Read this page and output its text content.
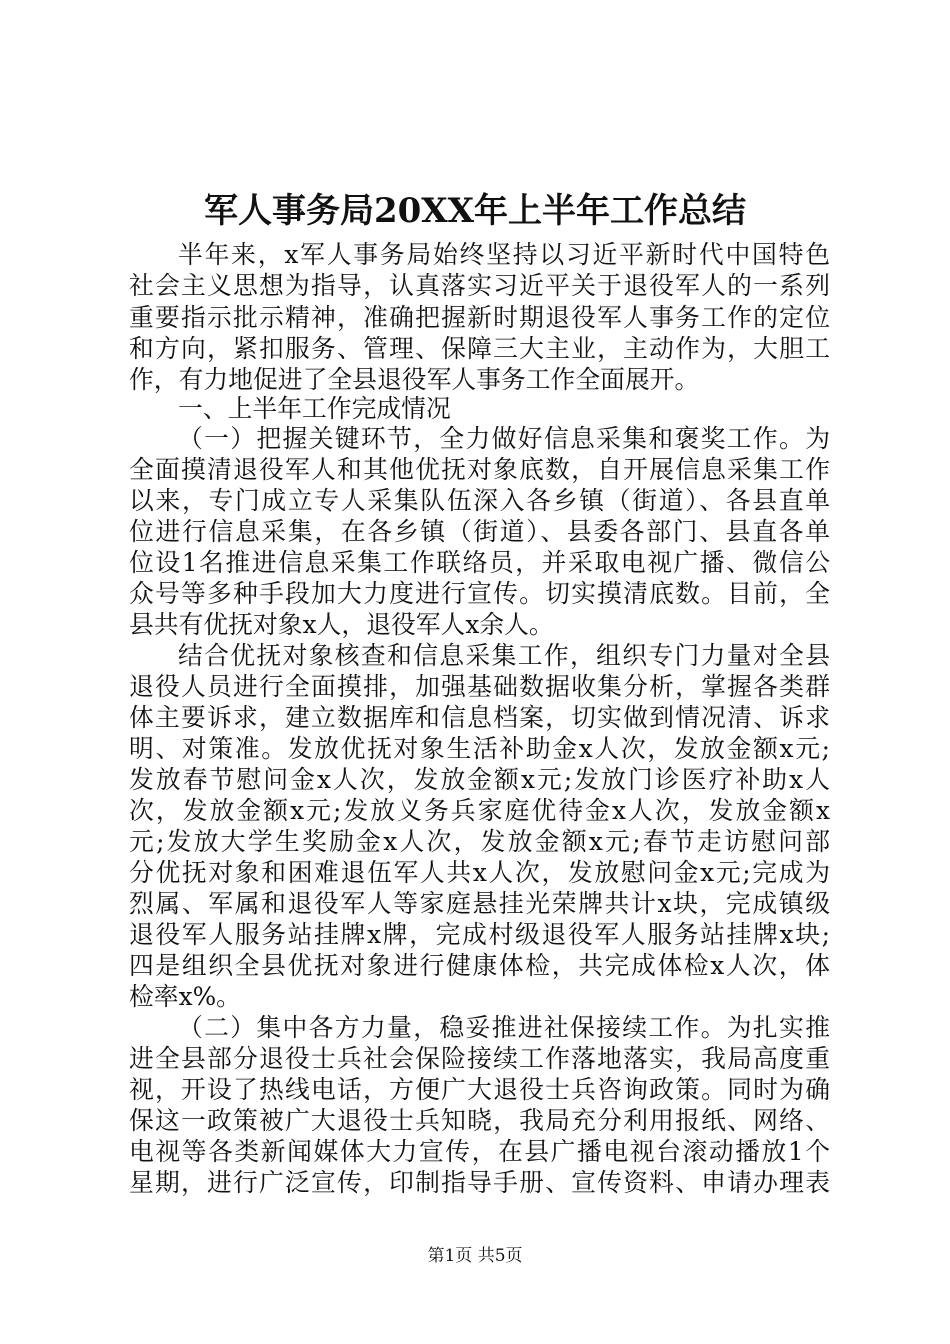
军人事务局20XX年上半年工作总结
半年来，x军人事务局始终坚持以习近平新时代中国特色
社会主义思想为指导，认真落实习近平关于退役军人的一系列
重要指示批示精神，准确把握新时期退役军人事务工作的定位
和方向，紧扣服务、管理、保障三大主业，主动作为，大胆工
作，有力地促进了全县退役军人事务工作全面展开。
一、上半年工作完成情况
（一）把握关键环节，全力做好信息采集和褒奖工作。为
全面摸清退役军人和其他优抚对象底数，自开展信息采集工作
以来，专门成立专人采集队伍深入各乡镇（街道）、各县直单
位进行信息采集，在各乡镇（街道）、县委各部门、县直各单
位设1名推进信息采集工作联络员，并采取电视广播、微信公
众号等多种手段加大力度进行宣传。切实摸清底数。目前，全
县共有优抚对象x人，退役军人x余人。
结合优抚对象核查和信息采集工作，组织专门力量对全县
退役人员进行全面摸排，加强基础数据收集分析，掌握各类群
体主要诉求，建立数据库和信息档案，切实做到情况清、诉求
明、对策准。发放优抚对象生活补助金x人次，发放金额x元;
发放春节慰问金x人次，发放金额x元;发放门诊医疗补助x人
次，发放金额x元;发放义务兵家庭优待金x人次，发放金额x
元;发放大学生奖励金x人次，发放金额x元;春节走访慰问部
分优抚对象和困难退伍军人共x人次，发放慰问金x元;完成为
烈属、军属和退役军人等家庭悬挂光荣牌共计x块，完成镇级
退役军人服务站挂牌x牌，完成村级退役军人服务站挂牌x块;
四是组织全县优抚对象进行健康体检，共完成体检x人次，体
检率x%。
（二）集中各方力量，稳妥推进社保接续工作。为扎实推
进全县部分退役士兵社会保险接续工作落地落实，我局高度重
视，开设了热线电话，方便广大退役士兵咨询政策。同时为确
保这一政策被广大退役士兵知晓，我局充分利用报纸、网络、
电视等各类新闻媒体大力宣传，在县广播电视台滚动播放1个
星期，进行广泛宣传，印制指导手册、宣传资料、申请办理表
第1页 共5页
